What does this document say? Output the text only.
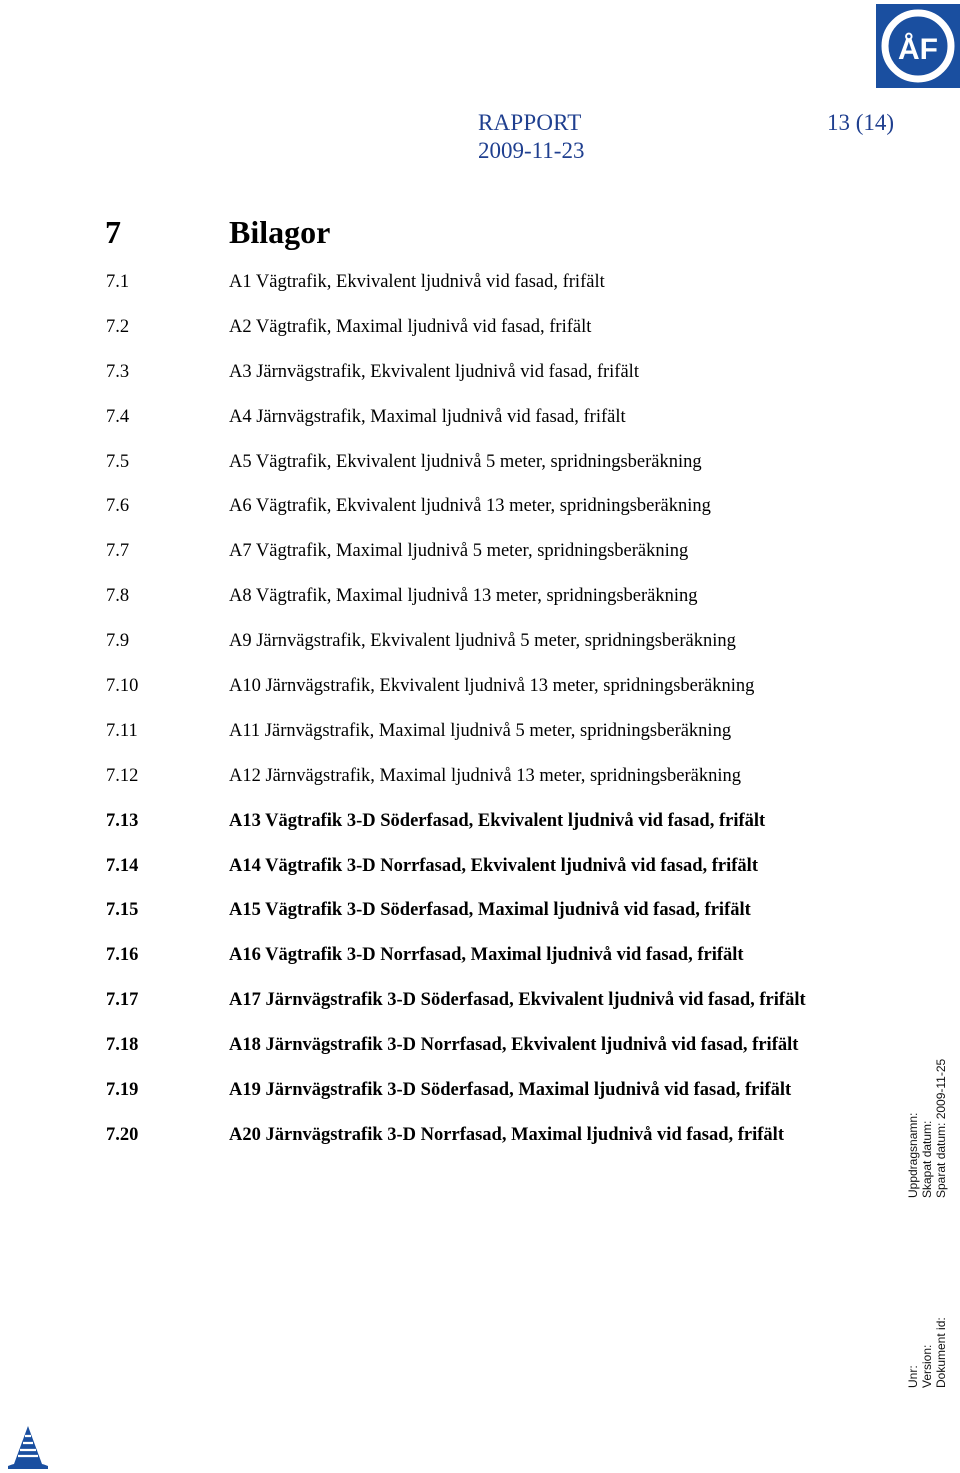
ÅF
RAPPORT
2009-11-23
13 (14)
7	Bilagor
7.1	A1 Vägtrafik, Ekvivalent ljudnivå vid fasad, frifält
7.2	A2 Vägtrafik, Maximal ljudnivå vid fasad, frifält
7.3	A3 Järnvägstrafik, Ekvivalent ljudnivå vid fasad, frifält
7.4	A4 Järnvägstrafik, Maximal ljudnivå vid fasad, frifält
7.5	A5 Vägtrafik, Ekvivalent ljudnivå 5 meter, spridningsberäkning
7.6	A6 Vägtrafik, Ekvivalent ljudnivå 13 meter, spridningsberäkning
7.7	A7 Vägtrafik, Maximal ljudnivå 5 meter, spridningsberäkning
7.8	A8 Vägtrafik, Maximal ljudnivå 13 meter, spridningsberäkning
7.9	A9 Järnvägstrafik, Ekvivalent ljudnivå 5 meter, spridningsberäkning
7.10	A10 Järnvägstrafik, Ekvivalent ljudnivå 13 meter, spridningsberäkning
7.11	A11 Järnvägstrafik, Maximal ljudnivå 5 meter, spridningsberäkning
7.12	A12 Järnvägstrafik, Maximal ljudnivå 13 meter, spridningsberäkning
7.13	A13 Vägtrafik 3-D Söderfasad, Ekvivalent ljudnivå vid fasad, frifält
7.14	A14 Vägtrafik 3-D Norrfasad, Ekvivalent ljudnivå vid fasad, frifält
7.15	A15 Vägtrafik 3-D Söderfasad, Maximal ljudnivå vid fasad, frifält
7.16	A16 Vägtrafik 3-D Norrfasad, Maximal ljudnivå vid fasad, frifält
7.17	A17 Järnvägstrafik 3-D Söderfasad, Ekvivalent ljudnivå vid fasad, frifält
7.18	A18 Järnvägstrafik 3-D Norrfasad, Ekvivalent ljudnivå vid fasad, frifält
7.19	A19 Järnvägstrafik 3-D Söderfasad, Maximal ljudnivå vid fasad, frifält
7.20	A20 Järnvägstrafik 3-D Norrfasad, Maximal ljudnivå vid fasad, frifält	Uppdragsnamn: Skapat datum: Sparat datum: 2009-11-25
Unr: Version: Dokument id:
